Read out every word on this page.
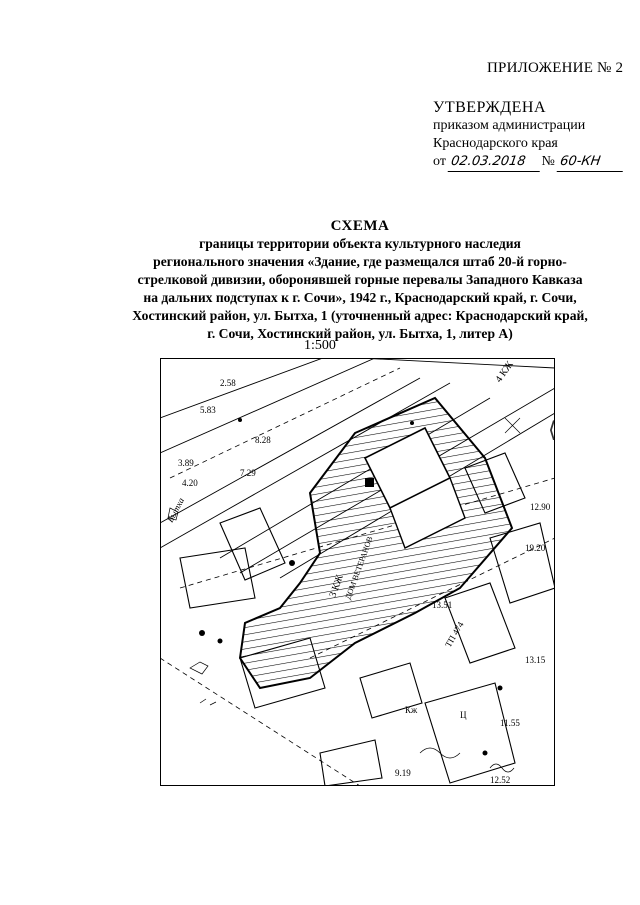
ПРИЛОЖЕНИЕ № 2
УТВЕРЖДЕНА
приказом администрации
Краснодарского края
от 02.03.2018 № 60-КН
СХЕМА
границы территории объекта культурного наследия
регионального значения «Здание, где размещался штаб 20-й горно-
стрелковой дивизии, оборонявшей горные перевалы Западного Кавказа
на дальних подступах к г. Сочи», 1942 г., Краснодарский край, г. Сочи,
Хостинский район, ул. Бытха, 1 (уточненный адрес: Краснодарский край,
г. Сочи, Хостинский район, ул. Бытха, 1, литер А)
1:500
⟨
Бытха
3 КЖ
ДОМ ВЕТЕРАНОВ
2.58
5.83
8.28
3.89
4.20
7.29
12.90
19.20
13.51
13.15
11.55
4 КЖ
Ц
ТП 474
9.19
12.52
Кж
